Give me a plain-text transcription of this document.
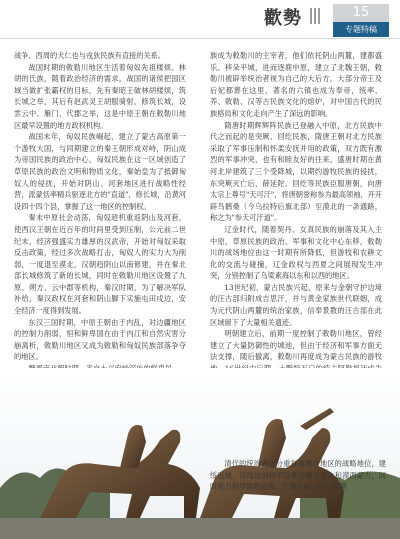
歡勢	15
专题特稿

战争、西周的犬仁也与戎狄民族有直接的关系。

战国时期的敕勒川地区生活着匈奴先祖楼烦、林胡的氏族，随着政治经济的需求，战国的诸侯把国区域当做扩张霸权的目标，先有秦昭王破林胡楼烦，筑长城之举，其后有赵武灵王胡服骑射，修筑长城，设雲云中、雁门、代郡之举，这是中原王朝在敕勒川地区最早设置的地方政权机构。

战国末年，匈奴民族崛起，建立了蒙古高原第一个游牧大国，与同期建立的秦王朝形成对峙，阴山成为帝国民族的政治中心，匈奴民族在这一区域创造了草原民族的政治文明和物质文化，秦始皇为了抵御匈奴人的侵扰，开始对阴山、河套地区进行战略性经营，派蒙恬率精兵驱逐北方的"直道"，修长城，沿黄河设四十四个县，掌握了这一地区的控制权。

秦末中原社会动荡，匈奴趁机重返阴山及河套，使西汉王朝在近百年的时间里受到压制，公元前二世纪末，经济强盛实力雄厚的汉武帝，开始对匈奴采取反击政策，经过多次战略打击，匈奴人的实力大为削弱，一度退至漠北，汉朝趋阴山以南修建，并在秦北部长城修筑了新的长城，同时在敕勒川地区设置了九原、朔方、云中郡等机构，秦汉时期，为了解决军队补给，秦汉政权在河套和阴山脚下实施屯田戍边，安全经济一度得到发展。

东汉三国时期，中原王朝由于内乱，对边疆地区的控制力削弱，恒和鲜卑国在由于内江和自然灾害分崩离析，敕勒川地区又成为敕勒和匈奴民族部落争夺的地区。

族成为敕勒川的主宰者，他们依托阴山两麓，建都盛乐、移朵平城，进而逐鹿中原，建立了北魏王朝，敕勒川被辟举统治者视为自己的大后方，大部分帝王及后妃都葬在这里，著名的六镇也成为奉帝，统率、养、敕勒、汉等古民族文化的熔炉，对中国古代的民族格局和文化走向产生了深远的影响。

隋唐时期辉辉阵民族已登融入中原，北方民族中代之而起的是突厥、回纥民族，隋唐王朝对北方民族采取了军事压制和怀柔安抚并用的政策，双方既有激烈的军事冲突，也有和睦友好的往来，盛唐时期在黄河北岸建筑了三个受降城，以期约游牧民族的侵扰，东突厥灭亡后，薛延陀、回纥等民族臣服唐朝，向唐太宗上尊号"天可汗"，将唐朝誉称参为最高领袖，开开辟鸟鹘桑（今乌拉特后旗北部）至漠北的一条通路，称之为"参天可汗道"。

辽金时代，随着契丹、女真民族的崩落及其入主中原，草原民族的政治、军事和文化中心东移，敕勒川的战场地位由这一时期有所降低，但游牧和农耕文化的交流与碰撞，辽金政权与西夏之间展现发生冲突，分别控制了乌梁素海以东和以西的地区。

13世纪初，蒙古民族兴起，原来与金朝守护边境的汪古部归附成吉思汗，并与黄金家族世代联姻，成为元代阴山两麓的统治家族，信奉景教的汪古部在此区域留下了大量相关遗迹。

明朝建立后，前期一度控制了敕勒川地区，曾经建立了大量防御性的城池，但由于经济和军事方面无法支撑，随后撤离，敕勒川再度成为蒙古民族的游牧

清代的统治者十分重视敕勒川地区的战略地位，建绥远城，设绥远城将军以掌控漠北蒙古和漠西蒙古，同时秩力倡导佛教信仰，广建寺庙，这一时期
